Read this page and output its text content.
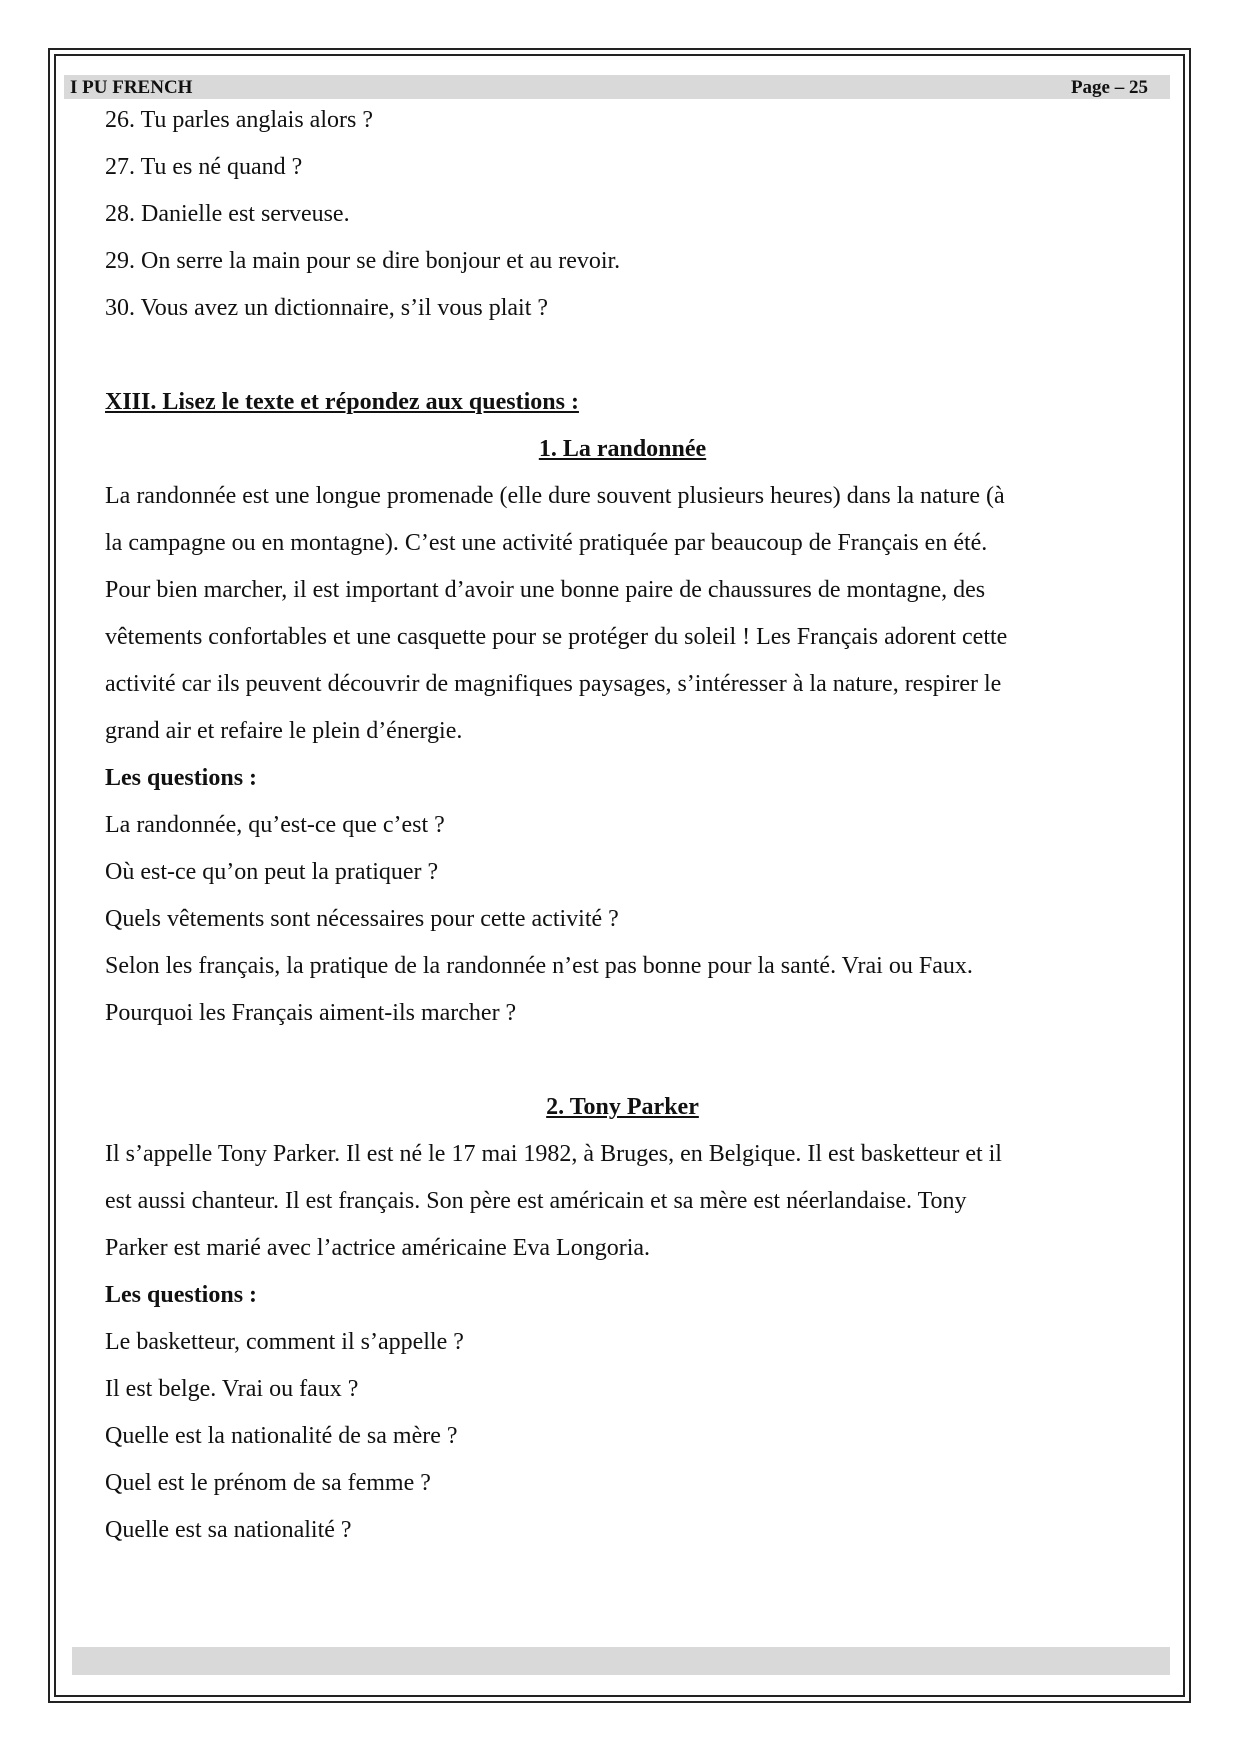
I PU FRENCH	Page – 25
26. Tu parles anglais alors ?
27. Tu es né quand ?
28. Danielle est serveuse.
29. On serre la main pour se dire bonjour et au revoir.
30. Vous avez un dictionnaire, s’il vous plait ?
XIII. Lisez le texte et répondez aux questions :
1. La randonnée
La randonnée est une longue promenade (elle dure souvent plusieurs heures) dans la nature (à
la campagne ou en montagne). C’est une activité pratiquée par beaucoup de Français en été.
Pour bien marcher, il est important d’avoir une bonne paire de chaussures de montagne, des
vêtements confortables et une casquette pour se protéger du soleil ! Les Français adorent cette
activité car ils peuvent découvrir de magnifiques paysages, s’intéresser à la nature, respirer le
grand air et refaire le plein d’énergie.
Les questions :
La randonnée, qu’est-ce que c’est ?
Où est-ce qu’on peut la pratiquer ?
Quels vêtements sont nécessaires pour cette activité ?
Selon les français, la pratique de la randonnée n’est pas bonne pour la santé. Vrai ou Faux.
Pourquoi les Français aiment-ils marcher ?
2. Tony Parker
Il s’appelle Tony Parker. Il est né le 17 mai 1982, à Bruges, en Belgique. Il est basketteur et il
est aussi chanteur. Il est français. Son père est américain et sa mère est néerlandaise. Tony
Parker est marié avec l’actrice américaine Eva Longoria.
Les questions :
Le basketteur, comment il s’appelle ?
Il est belge. Vrai ou faux ?
Quelle est la nationalité de sa mère ?
Quel est le prénom de sa femme ?
Quelle est sa nationalité ?
